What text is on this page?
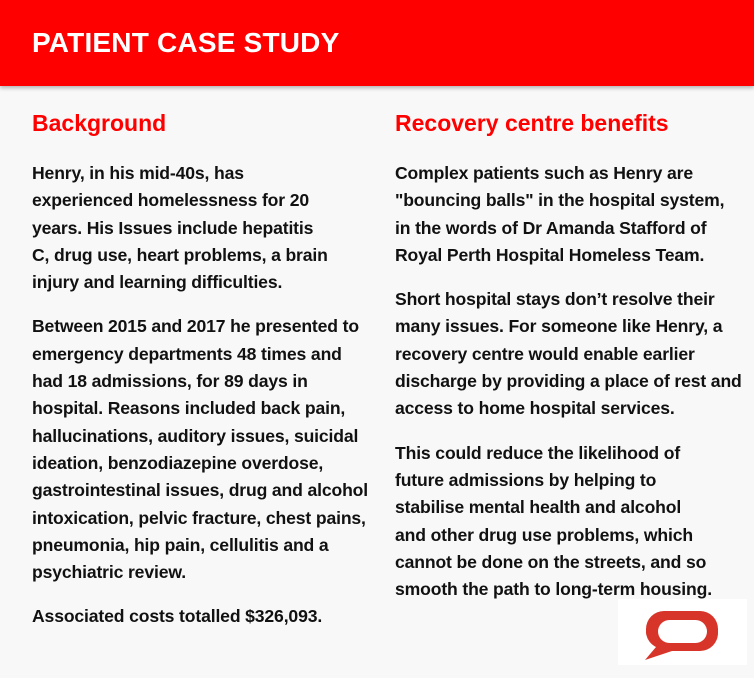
PATIENT CASE STUDY
Background

Henry, in his mid-40s, has experienced homelessness for 20 years. His Issues include hepatitis C, drug use, heart problems, a brain injury and learning difficulties.

Between 2015 and 2017 he presented to emergency departments 48 times and had 18 admissions, for 89 days in hospital. Reasons included back pain, hallucinations, auditory issues, suicidal ideation, benzodiazepine overdose, gastrointestinal issues, drug and alcohol intoxication, pelvic fracture, chest pains, pneumonia, hip pain, cellulitis and a psychiatric review.

Associated costs totalled $326,093.

Recovery centre benefits

Complex patients such as Henry are "bouncing balls" in the hospital system, in the words of Dr Amanda Stafford of Royal Perth Hospital Homeless Team.

Short hospital stays don’t resolve their many issues. For someone like Henry, a recovery centre would enable earlier discharge by providing a place of rest and access to home hospital services.

This could reduce the likelihood of future admissions by helping to stabilise mental health and alcohol and other drug use problems, which cannot be done on the streets, and so smooth the path to long-term housing.
